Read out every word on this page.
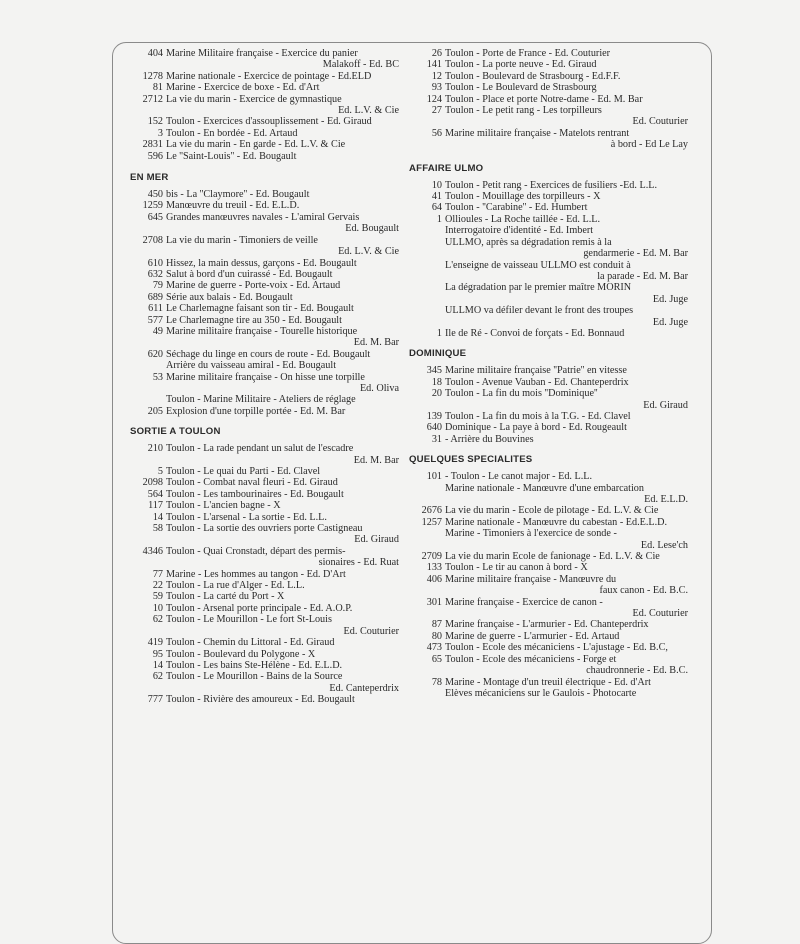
404 Marine Militaire française - Exercice du panier
Malakoff - Ed. BC
1278 Marine nationale - Exercice de pointage - Ed.ELD
81 Marine - Exercice de boxe - Ed. d'Art
2712 La vie du marin - Exercice de gymnastique
Ed. L.V. & Cie
152 Toulon - Exercices d'assouplissement - Ed. Giraud
3 Toulon - En bordée - Ed. Artaud
2831 La vie du marin - En garde - Ed. L.V. & Cie
596 Le ''Saint-Louis'' - Ed. Bougault
EN MER
450 bis - La ''Claymore'' - Ed. Bougault
1259 Manœuvre du treuil - Ed. E.L.D.
645 Grandes manœuvres navales - L'amiral Gervais
Ed. Bougault
2708 La vie du marin - Timoniers de veille
Ed. L.V. & Cie
610 Hissez, la main dessus, garçons - Ed. Bougault
632 Salut à bord d'un cuirassé - Ed. Bougault
79 Marine de guerre - Porte-voix - Ed. Artaud
689 Série aux balais - Ed. Bougault
611 Le Charlemagne faisant son tir - Ed. Bougault
577 Le Charlemagne tire au 350 - Ed. Bougault
49 Marine militaire française - Tourelle historique
Ed. M. Bar
620 Séchage du linge en cours de route - Ed. Bougault
Arrière du vaisseau amiral - Ed. Bougault
53 Marine militaire française - On hisse une torpille
Ed. Oliva
Toulon - Marine Militaire - Ateliers de réglage
205 Explosion d'une torpille portée - Ed. M. Bar
SORTIE A TOULON
210 Toulon - La rade pendant un salut de l'escadre
Ed. M. Bar
5 Toulon - Le quai du Parti - Ed. Clavel
2098 Toulon - Combat naval fleuri - Ed. Giraud
564 Toulon - Les tambourinaires - Ed. Bougault
117 Toulon - L'ancien bagne - X
14 Toulon - L'arsenal - La sortie - Ed. L.L.
58 Toulon - La sortie des ouvriers porte Castigneau
Ed. Giraud
4346 Toulon - Quai Cronstadt, départ des permis-
sionaires - Ed. Ruat
77 Marine - Les hommes au tangon - Ed. D'Art
22 Toulon - La rue d'Alger - Ed. L.L.
59 Toulon - La carté du Port - X
10 Toulon - Arsenal porte principale - Ed. A.O.P.
62 Toulon - Le Mourillon - Le fort St-Louis
Ed. Couturier
419 Toulon - Chemin du Littoral - Ed. Giraud
95 Toulon - Boulevard du Polygone - X
14 Toulon - Les bains Ste-Hélène - Ed. E.L.D.
62 Toulon - Le Mourillon - Bains de la Source
Ed. Canteperdrix
777 Toulon - Rivière des amoureux - Ed. Bougault
26 Toulon - Porte de France - Ed. Couturier
141 Toulon - La porte neuve - Ed. Giraud
12 Toulon - Boulevard de Strasbourg - Ed.F.F.
93 Toulon - Le Boulevard de Strasbourg
124 Toulon - Place et porte Notre-dame - Ed. M. Bar
27 Toulon - Le petit rang - Les torpilleurs
Ed. Couturier
56 Marine militaire française - Matelots rentrant
à bord - Ed Le Lay
AFFAIRE ULMO
10 Toulon - Petit rang - Exercices de fusiliers -Ed. L.L.
41 Toulon - Mouillage des torpilleurs - X
64 Toulon - ''Carabine'' - Ed. Humbert
1 Ollioules - La Roche taillée - Ed. L.L.
Interrogatoire d'identité - Ed. Imbert
ULLMO, après sa dégradation remis à la
gendarmerie - Ed. M. Bar
L'enseigne de vaisseau ULLMO est conduit à
la parade - Ed. M. Bar
La dégradation par le premier maître MORIN
Ed. Juge
ULLMO va défiler devant le front des troupes
Ed. Juge
1 Ile de Ré - Convoi de forçats - Ed. Bonnaud
DOMINIQUE
345 Marine militaire française ''Patrie'' en vitesse
18 Toulon - Avenue Vauban - Ed. Chanteperdrix
20 Toulon - La fin du mois ''Dominique''
Ed. Giraud
139 Toulon - La fin du mois à la T.G. - Ed. Clavel
640 Dominique - La paye à bord - Ed. Rougeault
31 - Arrière du Bouvines
QUELQUES SPECIALITES
101 - Toulon - Le canot major - Ed. L.L.
Marine nationale - Manœuvre d'une embarcation
Ed. E.L.D.
2676 La vie du marin - Ecole de pilotage - Ed. L.V. & Cie
1257 Marine nationale - Manœuvre du cabestan - Ed.E.L.D.
Marine - Timoniers à l'exercice de sonde -
Ed. Lese'ch
2709 La vie du marin Ecole de fanionage - Ed. L.V. & Cie
133 Toulon - Le tir au canon à bord - X
406 Marine militaire française - Manœuvre du
faux canon - Ed. B.C.
301 Marine française - Exercice de canon -
Ed. Couturier
87 Marine française - L'armurier - Ed. Chanteperdrix
80 Marine de guerre - L'armurier - Ed. Artaud
473 Toulon - Ecole des mécaniciens - L'ajustage - Ed. B.C,
65 Toulon - Ecole des mécaniciens - Forge et
chaudronnerie - Ed. B.C.
78 Marine - Montage d'un treuil électrique - Ed. d'Art
Elèves mécaniciens sur le Gaulois - Photocarte
